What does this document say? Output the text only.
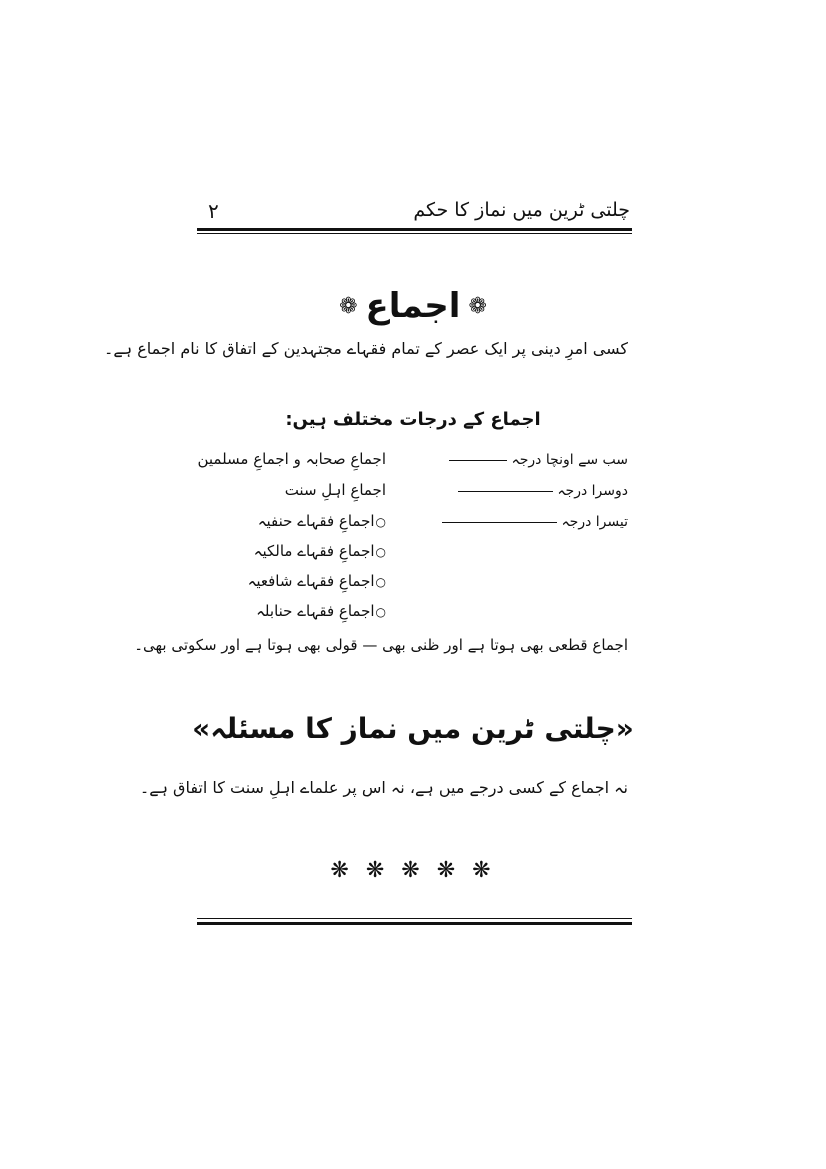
چلتی ٹرین میں نماز کا حکم
۲
❁
اجماع
❁
کسی امرِ دینی پر ایک عصر کے تمام فقہاے مجتہدین کے اتفاق کا نام اجماع ہے۔
اجماع کے درجات مختلف ہیں:
سب سے اونچا درجہ
اجماعِ صحابہ و اجماعِ مسلمین
دوسرا درجہ
اجماعِ اہلِ سنت
تیسرا درجہ
○اجماعِ فقہاے حنفیہ
○اجماعِ فقہاے مالکیہ
○اجماعِ فقہاے شافعیہ
○اجماعِ فقہاے حنابلہ
اجماع قطعی بھی ہوتا ہے اور ظنی بھی — قولی بھی ہوتا ہے اور سکوتی بھی۔
«چلتی ٹرین میں نماز کا مسئلہ»
نہ اجماع کے کسی درجے میں ہے، نہ اس پر علماے اہلِ سنت کا اتفاق ہے۔
❋ ❋ ❋ ❋ ❋
